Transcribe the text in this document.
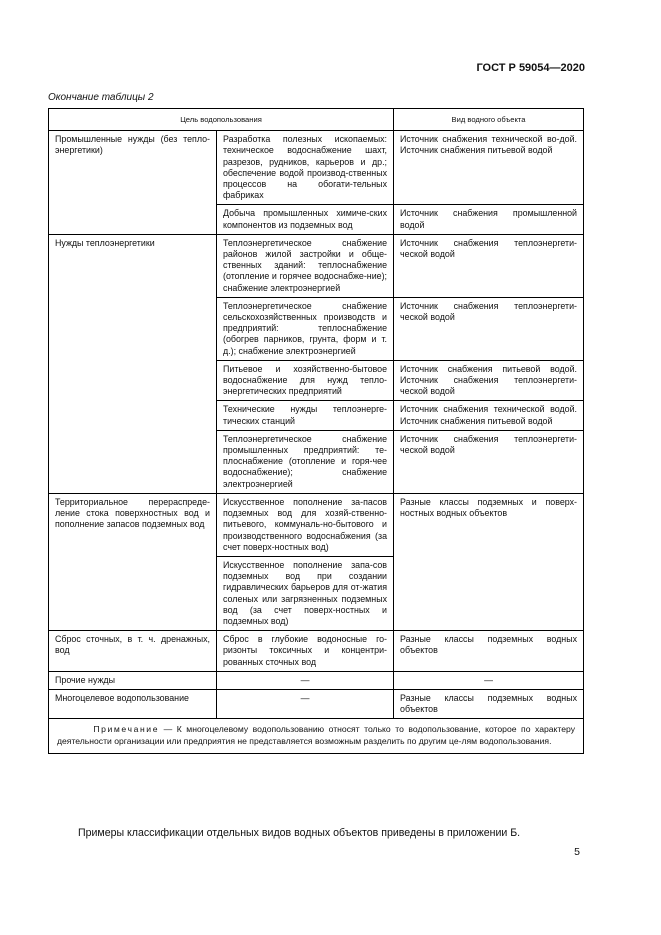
ГОСТ Р 59054—2020
Окончание таблицы 2
Цель водопользования		Вид водного объекта
Промышленные нужды (без тепло-энергетики)	Разработка полезных ископаемых: техническое водоснабжение шахт, разрезов, рудников, карьеров и др.; обеспечение водой производ-ственных процессов на обогати-тельных фабриках	Источник снабжения технической во-дой. Источник снабжения питьевой водой
	Добыча промышленных химиче-ских компонентов из подземных вод	Источник снабжения промышленной водой
Нужды теплоэнергетики	Теплоэнергетическое снабжение районов жилой застройки и обще-ственных зданий: теплоснабжение (отопление и горячее водоснабже-ние); снабжение электроэнергией	Источник снабжения теплоэнергети-ческой водой
	Теплоэнергетическое снабжение сельскохозяйственных производств и предприятий: теплоснабжение (обогрев парников, грунта, форм и т. д.); снабжение электроэнергией	Источник снабжения теплоэнергети-ческой водой
	Питьевое и хозяйственно-бытовое водоснабжение для нужд тепло-энергетических предприятий	Источник снабжения питьевой водой. Источник снабжения теплоэнергети-ческой водой
	Технические нужды теплоэнерге-тических станций	Источник снабжения технической водой. Источник снабжения питьевой водой
	Теплоэнергетическое снабжение промышленных предприятий: те-плоснабжение (отопление и горя-чее водоснабжение); снабжение электроэнергией	Источник снабжения теплоэнергети-ческой водой
Территориальное перераспреде-ление стока поверхностных вод и пополнение запасов подземных вод	Искусственное пополнение за-пасов подземных вод для хозяй-ственно-питьевого, коммуналь-но-бытового и производственного водоснабжения (за счет поверх-ностных вод)	Разные классы подземных и поверх-ностных водных объектов
	Искусственное пополнение запа-сов подземных вод при создании гидравлических барьеров для от-жатия соленых или загрязненных подземных вод (за счет поверх-ностных и подземных вод)	
Сброс сточных, в т. ч. дренажных, вод	Сброс в глубокие водоносные го-ризонты токсичных и концентри-рованных сточных вод	Разные классы подземных водных объектов
Прочие нужды	—	—
Многоцелевое водопользование	—	Разные классы подземных водных объектов
Примечание — К многоцелевому водопользованию относят только то водопользование, которое по характеру деятельности организации или предприятия не представляется возможным разделить по другим це-лям водопользования.		
Примеры классификации отдельных видов водных объектов приведены в приложении Б.
5
